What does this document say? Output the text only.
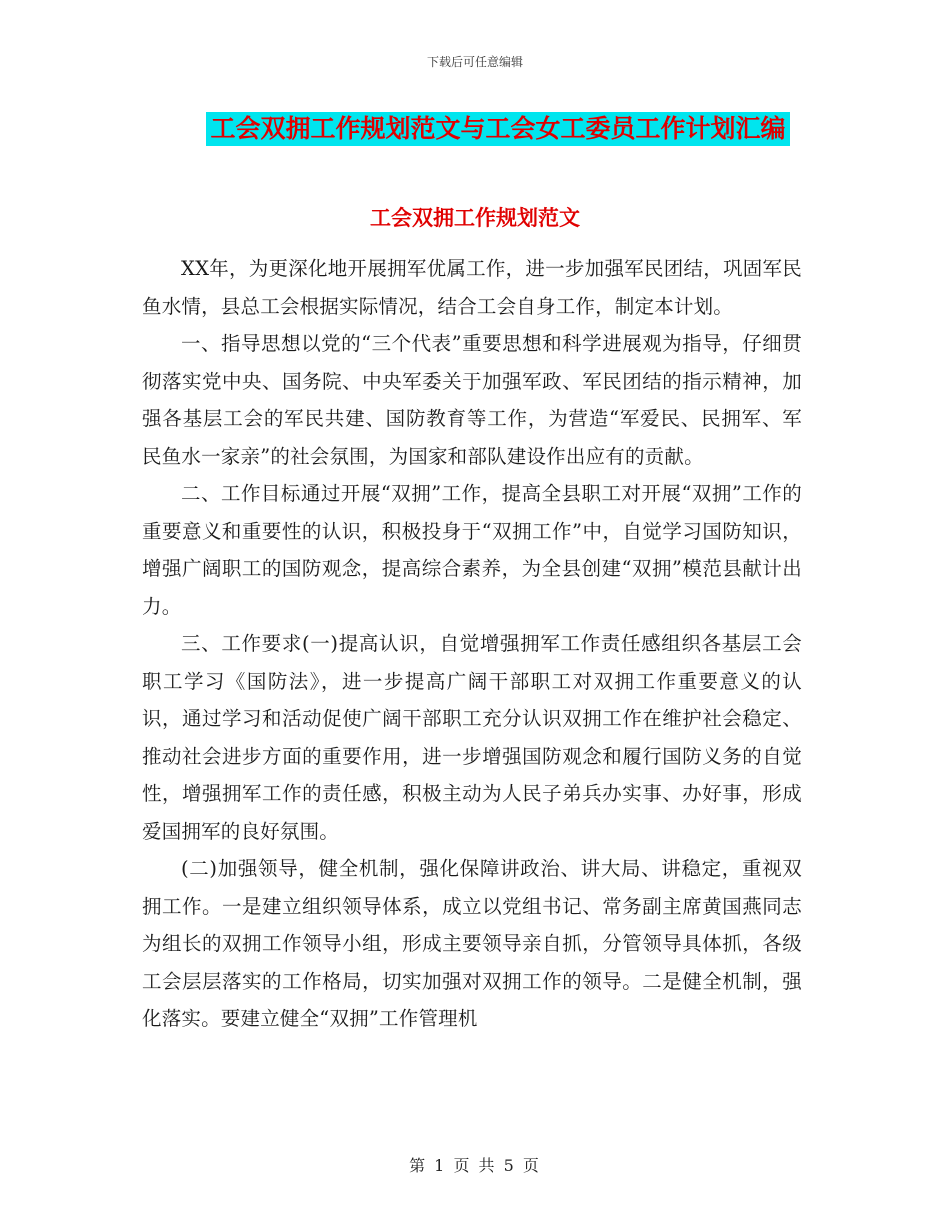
下载后可任意编辑
工会双拥工作规划范文与工会女工委员工作计划汇编
工会双拥工作规划范文

XX年，为更深化地开展拥军优属工作，进一步加强军民团结，巩固军民鱼水情，县总工会根据实际情况，结合工会自身工作，制定本计划。

一、指导思想以党的“三个代表”重要思想和科学进展观为指导，仔细贯彻落实党中央、国务院、中央军委关于加强军政、军民团结的指示精神，加强各基层工会的军民共建、国防教育等工作，为营造“军爱民、民拥军、军民鱼水一家亲”的社会氛围，为国家和部队建设作出应有的贡献。

二、工作目标通过开展“双拥”工作，提高全县职工对开展“双拥”工作的重要意义和重要性的认识，积极投身于“双拥工作”中，自觉学习国防知识，增强广阔职工的国防观念，提高综合素养，为全县创建“双拥”模范县献计出力。

三、工作要求(一)提高认识，自觉增强拥军工作责任感组织各基层工会职工学习《国防法》，进一步提高广阔干部职工对双拥工作重要意义的认识，通过学习和活动促使广阔干部职工充分认识双拥工作在维护社会稳定、推动社会进步方面的重要作用，进一步增强国防观念和履行国防义务的自觉性，增强拥军工作的责任感，积极主动为人民子弟兵办实事、办好事，形成爱国拥军的良好氛围。

(二)加强领导，健全机制，强化保障讲政治、讲大局、讲稳定，重视双拥工作。一是建立组织领导体系，成立以党组书记、常务副主席黄国燕同志为组长的双拥工作领导小组，形成主要领导亲自抓，分管领导具体抓，各级工会层层落实的工作格局，切实加强对双拥工作的领导。二是健全机制，强化落实。要建立健全“双拥”工作管理机

第 1 页 共 5 页
